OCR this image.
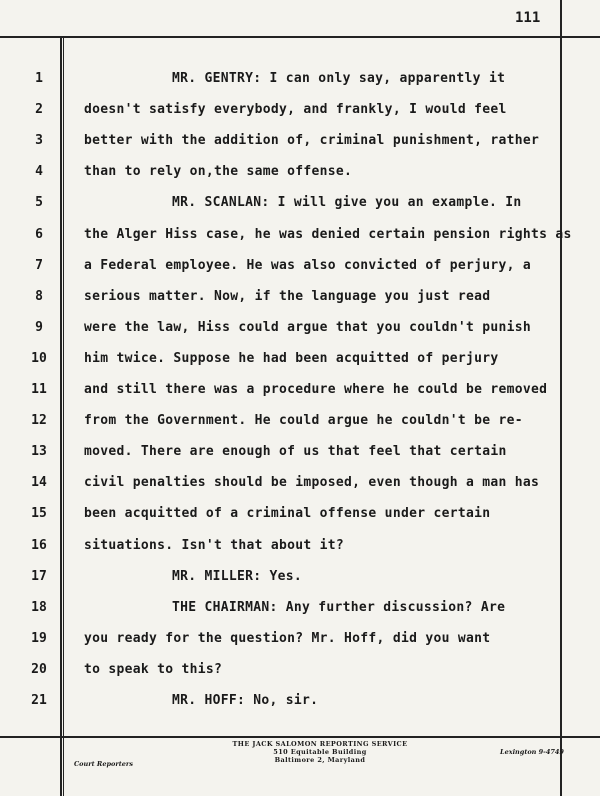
111
1	MR. GENTRY: I can only say, apparently it
2	doesn't satisfy everybody, and frankly, I would feel
3	better with the addition of, criminal punishment, rather
4	than to rely on,the same offense.
5	MR. SCANLAN: I will give you an example. In
6	the Alger Hiss case, he was denied certain pension rights as
7	a Federal employee. He was also convicted of perjury, a
8	serious matter. Now, if the language you just read
9	were the law, Hiss could argue that you couldn't punish
10	him twice. Suppose he had been acquitted of perjury
11	and still there was a procedure where he could be removed
12	from the Government. He could argue he couldn't be re-
13	moved. There are enough of us that feel that certain
14	civil penalties should be imposed, even though a man has
15	been acquitted of a criminal offense under certain
16	situations. Isn't that about it?
17	MR. MILLER: Yes.
18	THE CHAIRMAN: Any further discussion? Are
19	you ready for the question? Mr. Hoff, did you want
20	to speak to this?
21	MR. HOFF: No, sir.
THE JACK SALOMON REPORTING SERVICE
510 Equitable Building
Baltimore 2, Maryland
Court Reporters
Lexington 9-4749
